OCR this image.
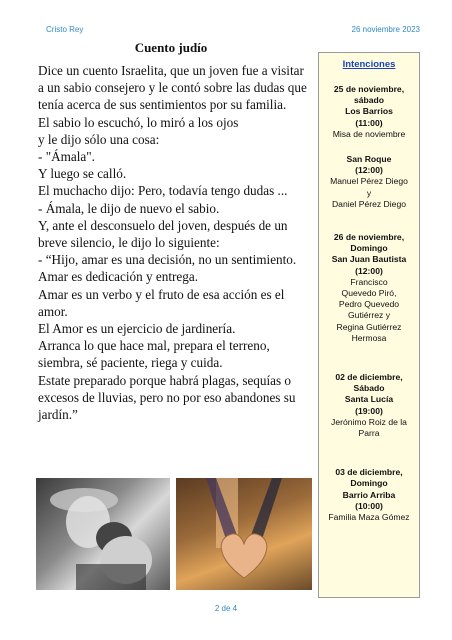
Cristo Rey	26 noviembre 2023
Cuento judío

Dice un cuento Israelita, que un joven fue a visitar a un sabio consejero y le contó sobre las dudas que tenía acerca de sus sentimientos por su familia.

El sabio lo escuchó, lo miró a los ojos

y le dijo sólo una cosa:

- "Ámala".

Y luego se calló.

El muchacho dijo: Pero, todavía tengo dudas ...

- Ámala, le dijo de nuevo el sabio.

Y, ante el desconsuelo del joven, después de un breve silencio, le dijo lo siguiente:

- “Hijo, amar es una decisión, no un sentimiento.

Amar es dedicación y entrega.

Amar es un verbo y el fruto de esa acción es el amor.

El Amor es un ejercicio de jardinería.

Arranca lo que hace mal, prepara el terreno, siembra, sé paciente, riega y cuida.

Estate preparado porque habrá plagas, sequías o excesos de lluvias, pero no por eso abandones su jardín.”

Intenciones
25 de noviembre,
sábado
Los Barrios
(11:00)
Misa de noviembre
San Roque
(12:00)
Manuel Pérez Diego
y
Daniel Pérez Diego
26 de noviembre,
Domingo
San Juan Bautista
(12:00)
Francisco
Quevedo Piró,
Pedro Quevedo
Gutiérrez y
Regina Gutiérrez
Hermosa
02 de diciembre,
Sábado
Santa Lucía
(19:00)
Jerónimo Roiz de la
Parra
03 de diciembre,
Domingo
Barrio Arriba
(10:00)
Familia Maza Gómez
2 de 4
